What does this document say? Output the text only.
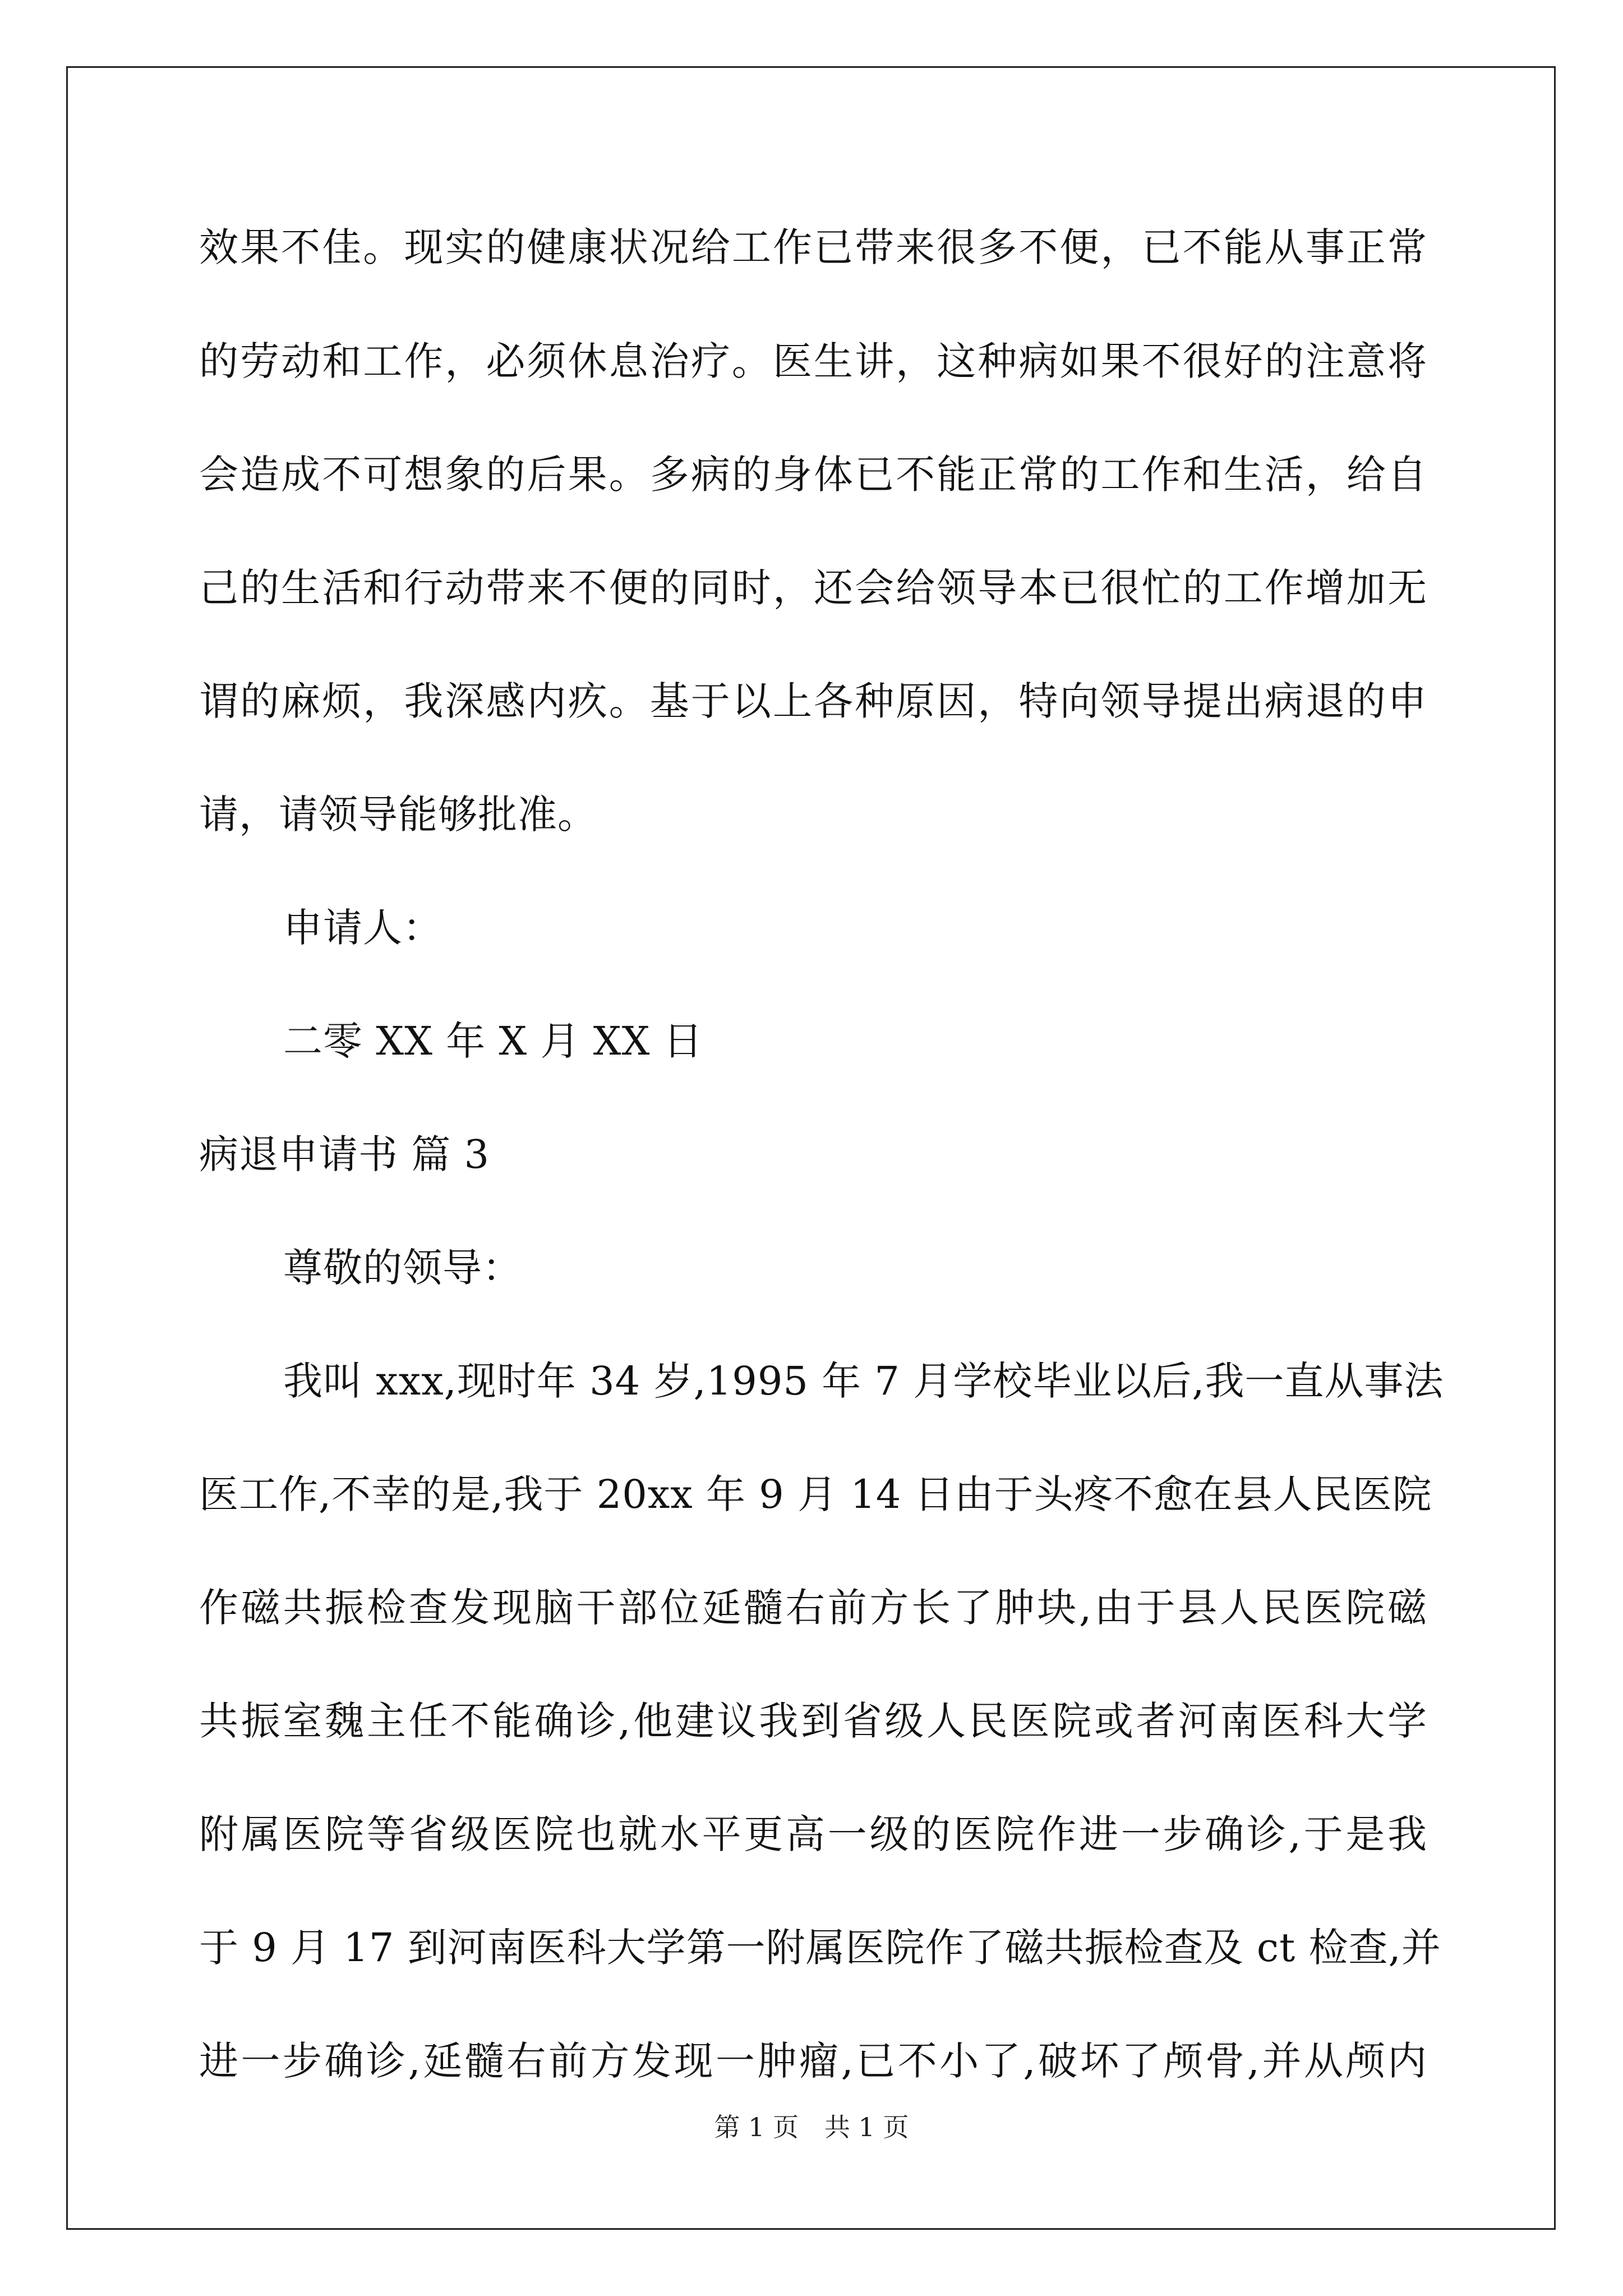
效果不佳。现实的健康状况给工作已带来很多不便，已不能从事正常
的劳动和工作，必须休息治疗。医生讲，这种病如果不很好的注意将
会造成不可想象的后果。多病的身体已不能正常的工作和生活，给自
己的生活和行动带来不便的同时，还会给领导本已很忙的工作增加无
谓的麻烦，我深感内疚。基于以上各种原因，特向领导提出病退的申
请，请领导能够批准。
申请人：
二零 XX 年 X 月 XX 日
病退申请书 篇 3
尊敬的领导：
我叫 xxx,现时年 34 岁,1995 年 7 月学校毕业以后,我一直从事法
医工作,不幸的是,我于 20xx 年 9 月 14 日由于头疼不愈在县人民医院
作磁共振检查发现脑干部位延髓右前方长了肿块,由于县人民医院磁
共振室魏主任不能确诊,他建议我到省级人民医院或者河南医科大学
附属医院等省级医院也就水平更高一级的医院作进一步确诊,于是我
于 9 月 17 到河南医科大学第一附属医院作了磁共振检查及 ct 检查,并
进一步确诊,延髓右前方发现一肿瘤,已不小了,破坏了颅骨,并从颅内
第 1 页　共 1 页
